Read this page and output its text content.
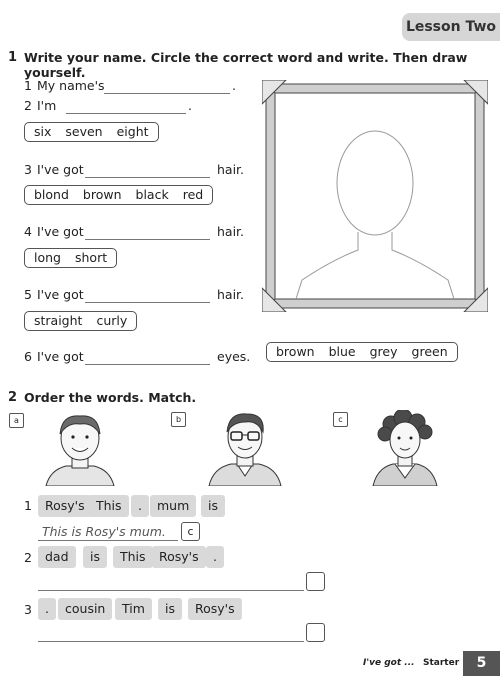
Lesson Two
1 Write your name. Circle the correct word and write. Then draw yourself.
1 My name's	.
2 I'm	.
six seven eight
3 I've got	hair.
blond brown black red
4 I've got	hair.
long short
5 I've got	hair.
straight curly
6 I've got	eyes. brown blue grey green
2 Order the words. Match.
a	b	c
1	Rosy's This	.	mum	is
This is Rosy's mum.	c
2	dad	is	This	Rosy's	.
3	.	cousin	Tim	is	Rosy's
I've got ... Starter	5
